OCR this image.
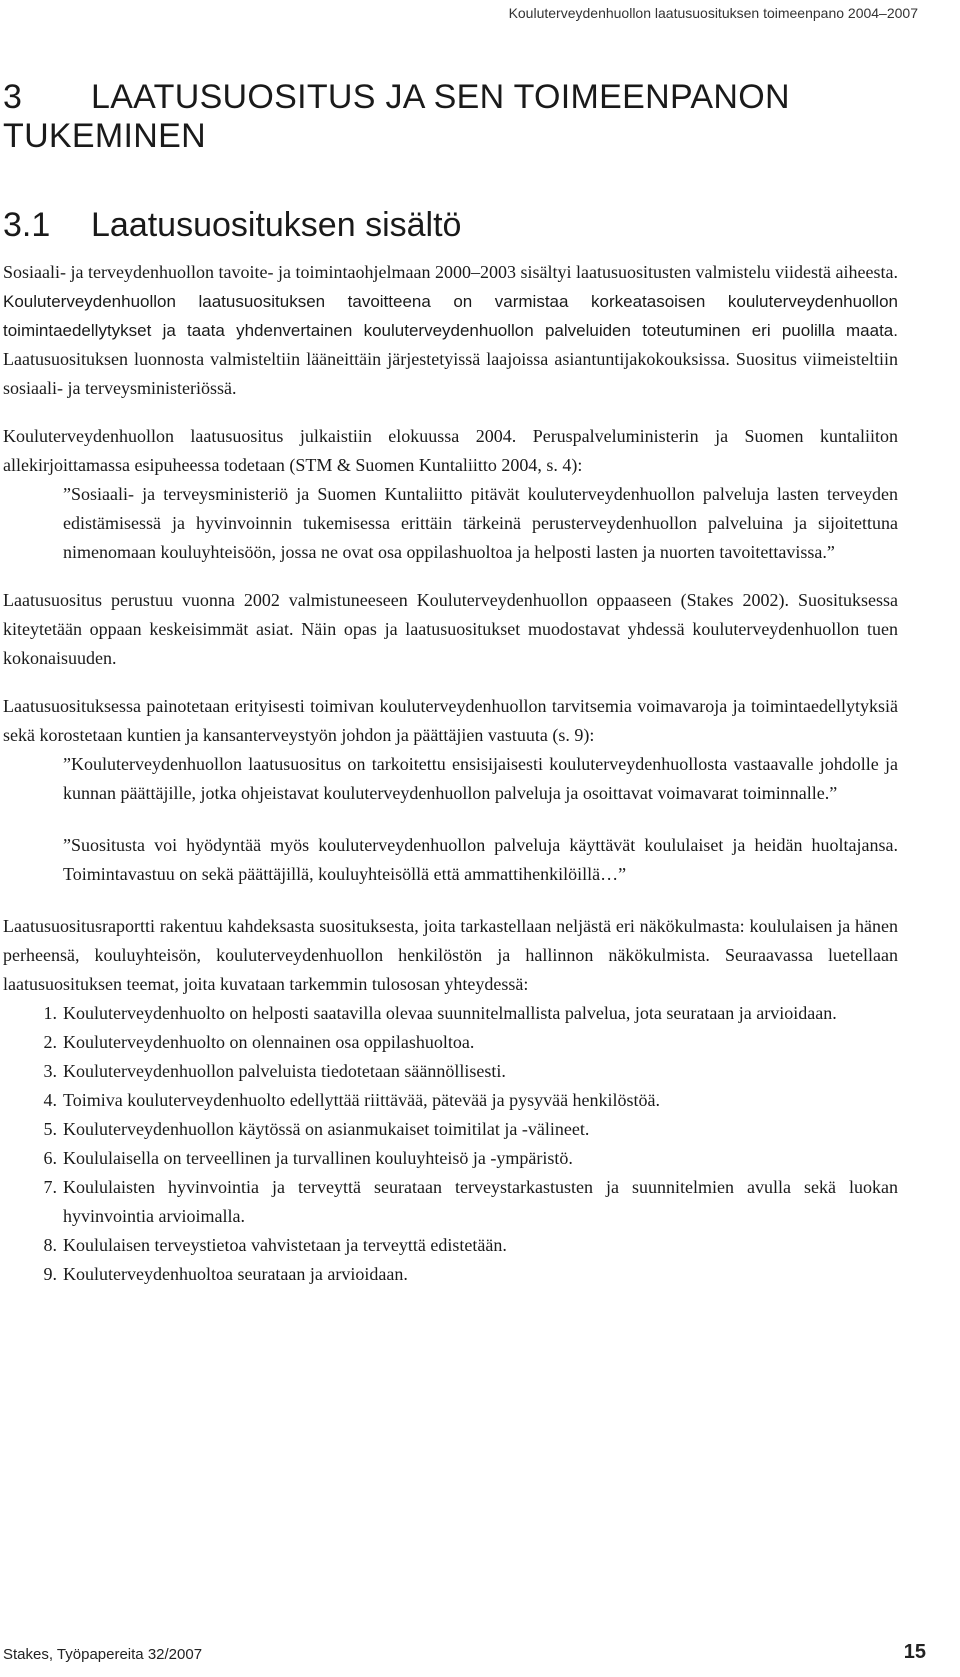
Kouluterveydenhuollon laatusuosituksen toimeenpano 2004–2007
3 LAATUSUOSITUS JA SEN TOIMEENPANON TUKEMINEN
3.1 Laatusuosituksen sisältö

Sosiaali- ja terveydenhuollon tavoite- ja toimintaohjelmaan 2000–2003 sisältyi laatusuositusten valmistelu viidestä aiheesta. Kouluterveydenhuollon laatusuosituksen tavoitteena on varmistaa korkeatasoisen kouluterveydenhuollon toimintaedellytykset ja taata yhdenvertainen kouluterveydenhuollon palveluiden toteutuminen eri puolilla maata. Laatusuosituksen luonnosta valmisteltiin lääneittäin järjestetyissä laajoissa asiantuntijakokouksissa. Suositus viimeisteltiin sosiaali- ja terveysministeriössä.

Kouluterveydenhuollon laatusuositus julkaistiin elokuussa 2004. Peruspalveluministerin ja Suomen kuntaliiton allekirjoittamassa esipuheessa todetaan (STM & Suomen Kuntaliitto 2004, s. 4):

”Sosiaali- ja terveysministeriö ja Suomen Kuntaliitto pitävät kouluterveydenhuollon palveluja lasten terveyden edistämisessä ja hyvinvoinnin tukemisessa erittäin tärkeinä perusterveydenhuollon palveluina ja sijoitettuna nimenomaan kouluyhteisöön, jossa ne ovat osa oppilashuoltoa ja helposti lasten ja nuorten tavoitettavissa.”

Laatusuositus perustuu vuonna 2002 valmistuneeseen Kouluterveydenhuollon oppaaseen (Stakes 2002). Suosituksessa kiteytetään oppaan keskeisimmät asiat. Näin opas ja laatusuositukset muodostavat yhdessä kouluterveydenhuollon tuen kokonaisuuden.

Laatusuosituksessa painotetaan erityisesti toimivan kouluterveydenhuollon tarvitsemia voimavaroja ja toimintaedellytyksiä sekä korostetaan kuntien ja kansanterveystyön johdon ja päättäjien vastuuta (s. 9):

”Kouluterveydenhuollon laatusuositus on tarkoitettu ensisijaisesti kouluterveydenhuollosta vastaavalle johdolle ja kunnan päättäjille, jotka ohjeistavat kouluterveydenhuollon palveluja ja osoittavat voimavarat toiminnalle.”

”Suositusta voi hyödyntää myös kouluterveydenhuollon palveluja käyttävät koululaiset ja heidän huoltajansa. Toimintavastuu on sekä päättäjillä, kouluyhteisöllä että ammattihenkilöillä…”

Laatusuositusraportti rakentuu kahdeksasta suosituksesta, joita tarkastellaan neljästä eri näkökulmasta: koululaisen ja hänen perheensä, kouluyhteisön, kouluterveydenhuollon henkilöstön ja hallinnon näkökulmista. Seuraavassa luetellaan laatusuosituksen teemat, joita kuvataan tarkemmin tulososan yhteydessä:

1. Kouluterveydenhuolto on helposti saatavilla olevaa suunnitelmallista palvelua, jota seurataan ja arvioidaan.
2. Kouluterveydenhuolto on olennainen osa oppilashuoltoa.
3. Kouluterveydenhuollon palveluista tiedotetaan säännöllisesti.
4. Toimiva kouluterveydenhuolto edellyttää riittävää, pätevää ja pysyvää henkilöstöä.
5. Kouluterveydenhuollon käytössä on asianmukaiset toimitilat ja -välineet.
6. Koululaisella on terveellinen ja turvallinen kouluyhteisö ja -ympäristö.
7. Koululaisten hyvinvointia ja terveyttä seurataan terveystarkastusten ja suunnitelmien avulla sekä luokan hyvinvointia arvioimalla.
8. Koululaisen terveystietoa vahvistetaan ja terveyttä edistetään.
9. Kouluterveydenhuoltoa seurataan ja arvioidaan.
Stakes, Työpapereita 32/2007	15
